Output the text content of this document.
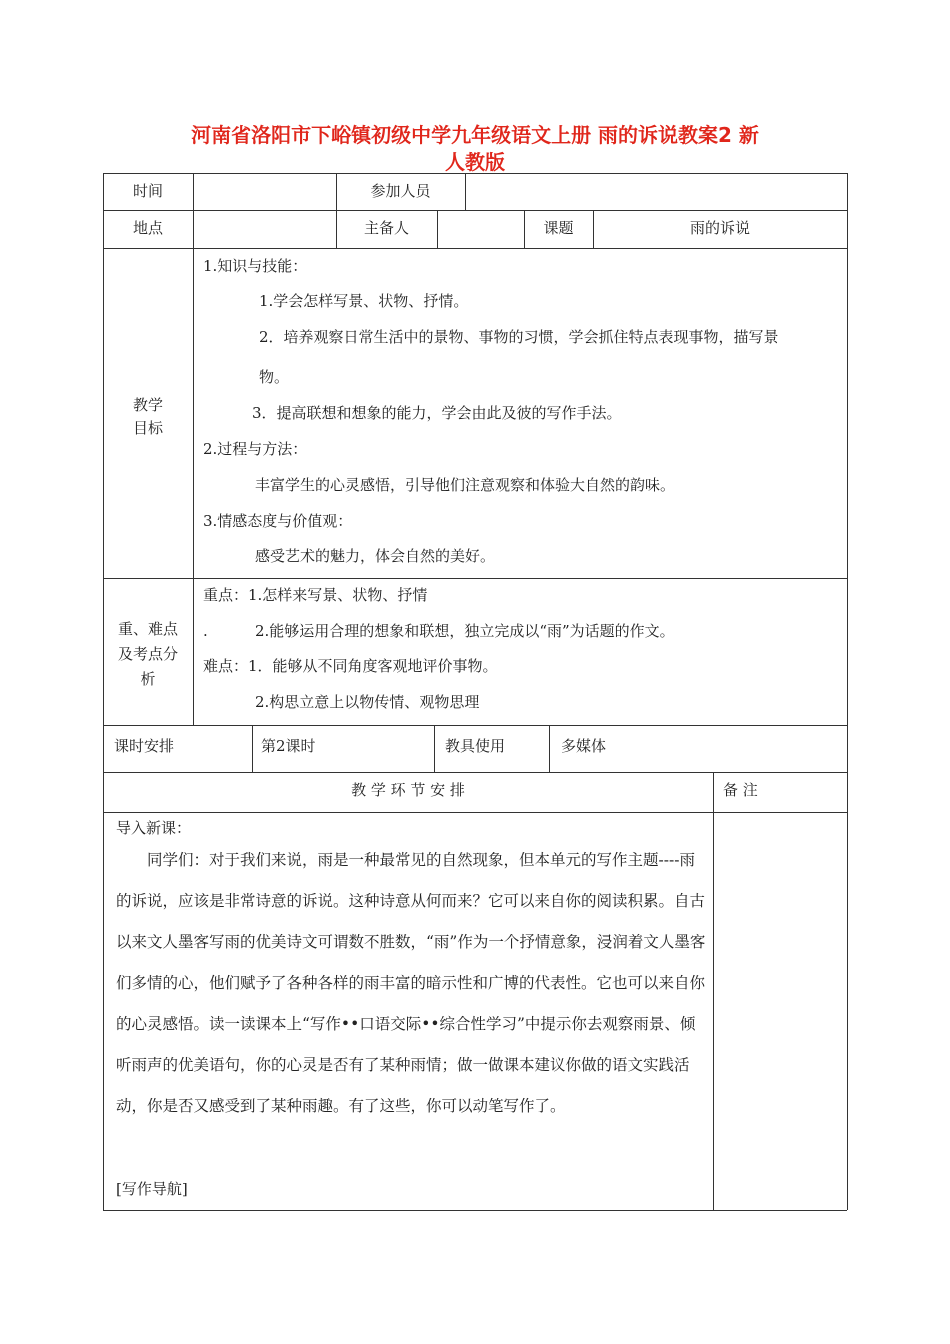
河南省洛阳市下峪镇初级中学九年级语文上册 雨的诉说教案2 新
人教版
时间	参加人员
地点	主备人	课题	雨的诉说
教学
目标
1.知识与技能：
1.学会怎样写景、状物、抒情。
2．培养观察日常生活中的景物、事物的习惯，学会抓住特点表现事物，描写景
物。
3．提高联想和想象的能力，学会由此及彼的写作手法。
2.过程与方法：
丰富学生的心灵感悟，引导他们注意观察和体验大自然的韵味。
3.情感态度与价值观：
感受艺术的魅力，体会自然的美好。
重、难点
及考点分
析
重点：1.怎样来写景、状物、抒情
.	2.能够运用合理的想象和联想，独立完成以“雨”为话题的作文。
难点：1．能够从不同角度客观地评价事物。
2.构思立意上以物传情、观物思理
课时安排	第2课时	教具使用	多媒体
教 学 环 节 安 排	备 注
导入新课：
　　同学们：对于我们来说，雨是一种最常见的自然现象，但本单元的写作主题----雨的诉说，应该是非常诗意的诉说。这种诗意从何而来？它可以来自你的阅读积累。自古以来文人墨客写雨的优美诗文可谓数不胜数，“雨”作为一个抒情意象，浸润着文人墨客们多情的心，他们赋予了各种各样的雨丰富的暗示性和广博的代表性。它也可以来自你的心灵感悟。读一读课本上“写作••口语交际••综合性学习”中提示你去观察雨景、倾听雨声的优美语句，你的心灵是否有了某种雨情；做一做课本建议你做的语文实践活动，你是否又感受到了某种雨趣。有了这些，你可以动笔写作了。
[写作导航]
